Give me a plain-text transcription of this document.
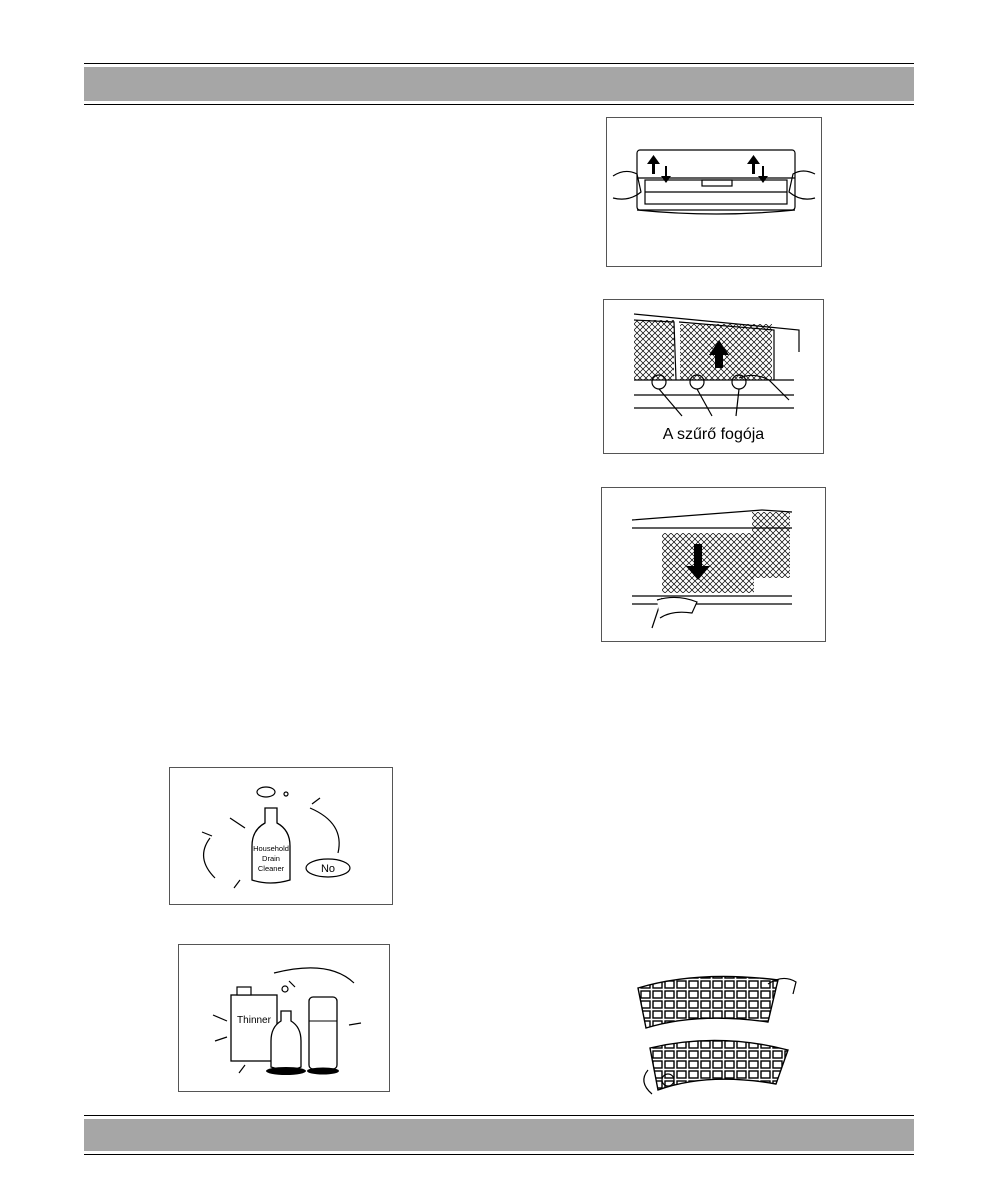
A szűrő fogója
Household
Drain
Cleaner	No
Thinner
